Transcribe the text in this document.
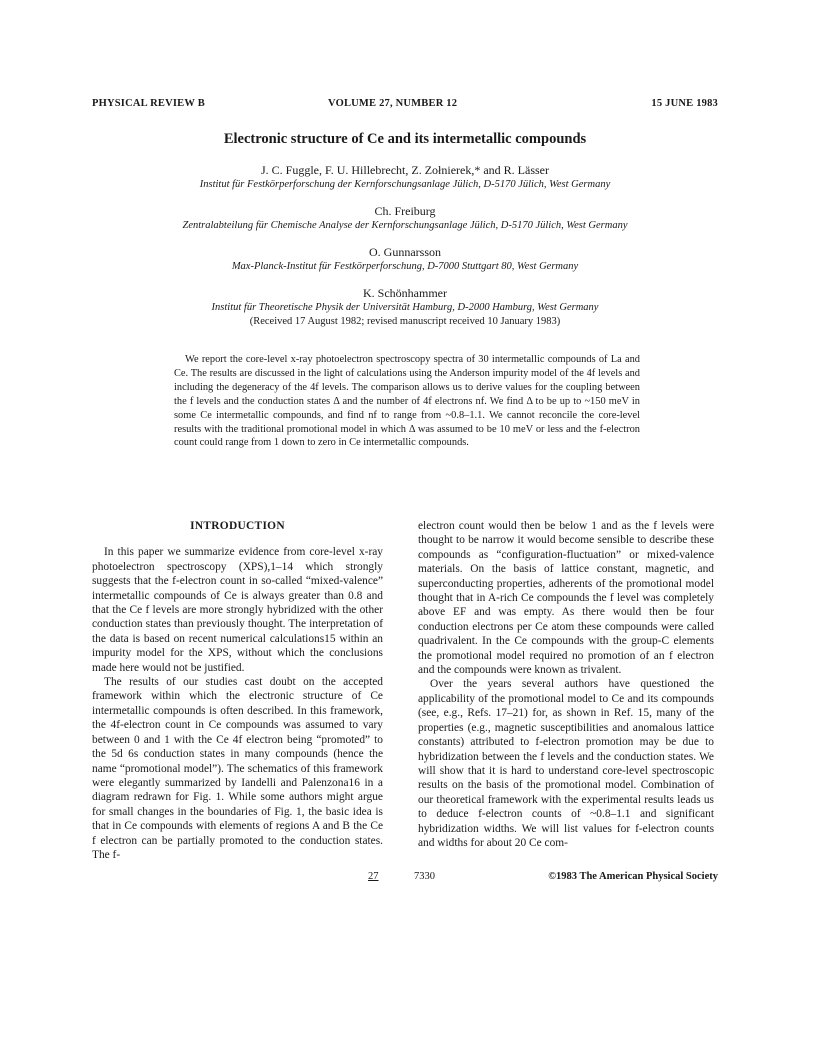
PHYSICAL REVIEW B	VOLUME 27, NUMBER 12	15 JUNE 1983
Electronic structure of Ce and its intermetallic compounds
J. C. Fuggle, F. U. Hillebrecht, Z. Zołnierek,* and R. Lässer
Institut für Festkörperforschung der Kernforschungsanlage Jülich, D-5170 Jülich, West Germany
Ch. Freiburg
Zentralabteilung für Chemische Analyse der Kernforschungsanlage Jülich, D-5170 Jülich, West Germany
O. Gunnarsson
Max-Planck-Institut für Festkörperforschung, D-7000 Stuttgart 80, West Germany
K. Schönhammer
Institut für Theoretische Physik der Universität Hamburg, D-2000 Hamburg, West Germany
(Received 17 August 1982; revised manuscript received 10 January 1983)

We report the core-level x-ray photoelectron spectroscopy spectra of 30 intermetallic compounds of La and Ce. The results are discussed in the light of calculations using the Anderson impurity model of the 4f levels and including the degeneracy of the 4f levels. The comparison allows us to derive values for the coupling between the f levels and the conduction states Δ and the number of 4f electrons nf. We find Δ to be up to ~150 meV in some Ce intermetallic compounds, and find nf to range from ~0.8–1.1. We cannot reconcile the core-level results with the traditional promotional model in which Δ was assumed to be 10 meV or less and the f-electron count could range from 1 down to zero in Ce intermetallic compounds.

INTRODUCTION

In this paper we summarize evidence from core-level x-ray photoelectron spectroscopy (XPS),1–14 which strongly suggests that the f-electron count in so-called “mixed-valence” intermetallic compounds of Ce is always greater than 0.8 and that the Ce f levels are more strongly hybridized with the other conduction states than previously thought. The interpretation of the data is based on recent numerical calculations15 within an impurity model for the XPS, without which the conclusions made here would not be justified.

The results of our studies cast doubt on the accepted framework within which the electronic structure of Ce intermetallic compounds is often described. In this framework, the 4f-electron count in Ce compounds was assumed to vary between 0 and 1 with the Ce 4f electron being “promoted” to the 5d 6s conduction states in many compounds (hence the name “promotional model”). The schematics of this framework were elegantly summarized by Iandelli and Palenzona16 in a diagram redrawn for Fig. 1. While some authors might argue for small changes in the boundaries of Fig. 1, the basic idea is that in Ce compounds with elements of regions A and B the Ce f electron can be partially promoted to the conduction states. The f-

electron count would then be below 1 and as the f levels were thought to be narrow it would become sensible to describe these compounds as “configuration-fluctuation” or mixed-valence materials. On the basis of lattice constant, magnetic, and superconducting properties, adherents of the promotional model thought that in A-rich Ce compounds the f level was completely above EF and was empty. As there would then be four conduction electrons per Ce atom these compounds were called quadrivalent. In the Ce compounds with the group-C elements the promotional model required no promotion of an f electron and the compounds were known as trivalent.

Over the years several authors have questioned the applicability of the promotional model to Ce and its compounds (see, e.g., Refs. 17–21) for, as shown in Ref. 15, many of the properties (e.g., magnetic susceptibilities and anomalous lattice constants) attributed to f-electron promotion may be due to hybridization between the f levels and the conduction states. We will show that it is hard to understand core-level spectroscopic results on the basis of the promotional model. Combination of our theoretical framework with the experimental results leads us to deduce f-electron counts of ~0.8–1.1 and significant hybridization widths. We will list values for f-electron counts and widths for about 20 Ce com-

27	7330	©1983 The American Physical Society
